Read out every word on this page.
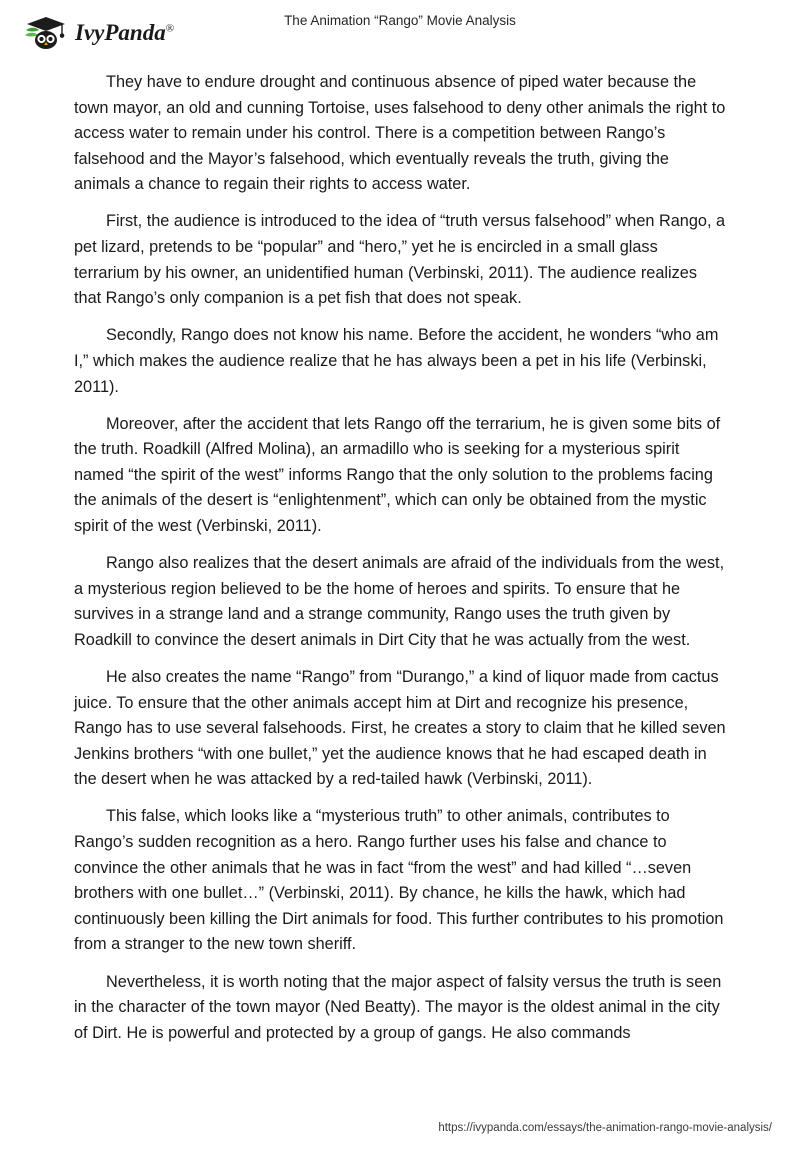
IvyPanda®
The Animation “Rango” Movie Analysis

They have to endure drought and continuous absence of piped water because the town mayor, an old and cunning Tortoise, uses falsehood to deny other animals the right to access water to remain under his control. There is a competition between Rango’s falsehood and the Mayor’s falsehood, which eventually reveals the truth, giving the animals a chance to regain their rights to access water.

First, the audience is introduced to the idea of “truth versus falsehood” when Rango, a pet lizard, pretends to be “popular” and “hero,” yet he is encircled in a small glass terrarium by his owner, an unidentified human (Verbinski, 2011). The audience realizes that Rango’s only companion is a pet fish that does not speak.

Secondly, Rango does not know his name. Before the accident, he wonders “who am I,” which makes the audience realize that he has always been a pet in his life (Verbinski, 2011).

Moreover, after the accident that lets Rango off the terrarium, he is given some bits of the truth. Roadkill (Alfred Molina), an armadillo who is seeking for a mysterious spirit named “the spirit of the west” informs Rango that the only solution to the problems facing the animals of the desert is “enlightenment”, which can only be obtained from the mystic spirit of the west (Verbinski, 2011).

Rango also realizes that the desert animals are afraid of the individuals from the west, a mysterious region believed to be the home of heroes and spirits. To ensure that he survives in a strange land and a strange community, Rango uses the truth given by Roadkill to convince the desert animals in Dirt City that he was actually from the west.

He also creates the name “Rango” from “Durango,” a kind of liquor made from cactus juice. To ensure that the other animals accept him at Dirt and recognize his presence, Rango has to use several falsehoods. First, he creates a story to claim that he killed seven Jenkins brothers “with one bullet,” yet the audience knows that he had escaped death in the desert when he was attacked by a red-tailed hawk (Verbinski, 2011).

This false, which looks like a “mysterious truth” to other animals, contributes to Rango’s sudden recognition as a hero. Rango further uses his false and chance to convince the other animals that he was in fact “from the west” and had killed “…seven brothers with one bullet…” (Verbinski, 2011). By chance, he kills the hawk, which had continuously been killing the Dirt animals for food. This further contributes to his promotion from a stranger to the new town sheriff.

Nevertheless, it is worth noting that the major aspect of falsity versus the truth is seen in the character of the town mayor (Ned Beatty). The mayor is the oldest animal in the city of Dirt. He is powerful and protected by a group of gangs. He also commands

https://ivypanda.com/essays/the-animation-rango-movie-analysis/
